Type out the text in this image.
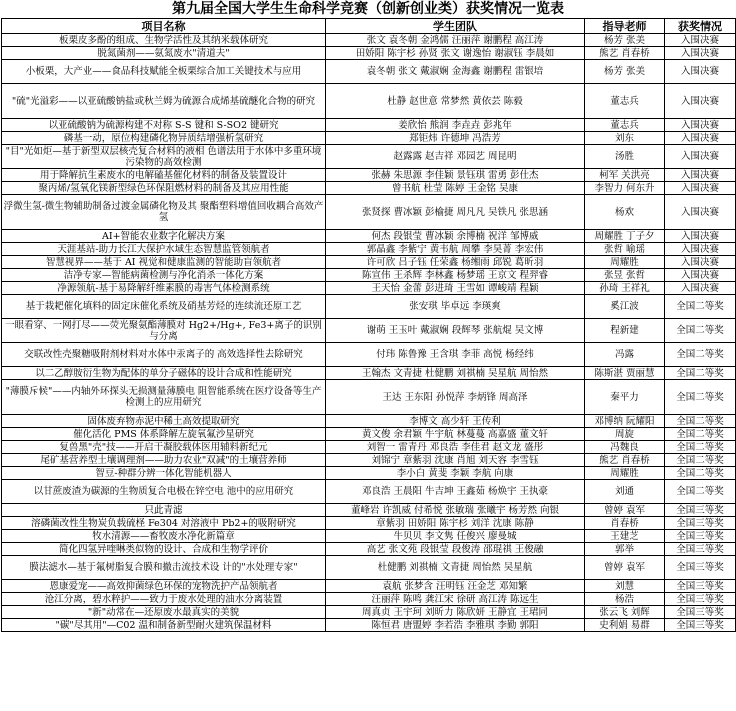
第九届全国大学生生命科学竞赛（创新创业类）获奖情况一览表
项目名称	学生团队	指导老师	获奖情况
板栗皮多酚的组成、生物学活性及其纳米载体研究	张文 袁冬朝 金鸿儒 汪丽萍 谢鹏程 高江涛	杨芳 张美	入围决赛
脱氮菌剂——氨氮废水"清道夫"	田娇阳 陈宇杉 孙贤 张文 谢逸怡 谢淑钰 李晨如	熊艺 肖春桥	入围决赛
小板栗，大产业——食品科技赋能全板栗综合加工关键技术与应用	袁冬朝 张文 戴淑娴 金海鑫 谢鹏程 雷银培	杨芳 张美	入围决赛
"硫"光溢彩——以亚硫酸钠盐或秋兰姆为硫源合成烯基硫醚化合物的研究	杜静 赵世意 常梦然 黄依芸 陈毅	董志兵	入围决赛
以亚硫酸钠为硫源构建不对称 S-S 键和 S-SO2 键研究	姜欣怡 熊润 李垚垚 彭兆年	董志兵	入围决赛
磷基一动，原位构建磷化物异质结增强析氢研究	郑钜炜 许德坤 冯浩芳	刘东	入围决赛
"目"光如炬—基于新型双层核壳复合材料的液相 色谱法用于水体中多重环境污染物的高效检测	赵露露 赵吉祥 邓园艺 周昆明	汤胜	入围决赛
用于降解抗生素废水的电解磕基催化材料的制备及装置设计	张赫 朱思源 李佳颖 景钰琪 雷勇 彭仕杰	柯军 关洪亮	入围决赛
聚丙烯/氢氧化镁新型绿色环保阻燃材料的制备及其应用性能	曾书航 杜莹 陈婷 王金铭 吴康	李智力 何东升	入围决赛
浮微生氢-微生物辅助制备过渡金属磷化物及其 聚酯塑料增值回收耦合高效产氢	张贤探 曹冰颖 彭榆捷 周凡凡 吴铁凡 张思涵	杨欢	入围决赛
AI+智能农业数字化解决方案	何杰 段银莹 曹冰颖 余博楠 祝洋 邹博威	周耀胜 丁子夕	入围决赛
天涯基站-助力长江大保护水域生态智慧监管领航者	郭晶鑫 李紫宁 黄韦航 周攀 李昊菁 李宏伟	张哲 喻瑶	入围决赛
智慧视界——基于 AI 视觉和健康监测的智能助盲领航者	许可欣 吕子钰 任荣鑫 杨缃雨 邱锐 葛昕羽	周耀胜	入围决赛
洁净专家—智能病菌检测与净化消杀一体化方案	陈宣伟 王杀辉 李林鑫 杨梦瑶 王京文 程羿睿	张昱 张哲	入围决赛
净源领航-基于易降解纤维素膜的毒害气体检测系统	王天怡 金蕾 彭进琦 王雪如 谭峻靖 程颖	孙琦 王祥礼	入围决赛
基于栽耙催化填料的固定床催化系统及硝基芳烃的连续流还原工艺	张安琪 毕卓远 李瑛爽	奚江波	全国二等奖
一眼看穿、一网打尽——荧光聚氨酯薄膜对 Hg2+/Hg+, Fe3+离子的识别与分离	谢萌 王玉叶 戴淑娴 段辉琴 张航焜 吴文博	程新建	全国二等奖
交联改性壳聚糖吸附剂材料对水体中汞离子的 高效选择性去除研究	付玮 陈鲁豫 王含琪 李菲 高悦 杨经纬	冯露	全国二等奖
以二乙醇胺衍生物为配体的单分子磁体的设计合成和性能研究	王翰杰 文青捷 杜健鹏 刘祺楠 吴星航 周怡然	陈斯湛 贾丽慧	全国二等奖
"薄膜斥候"——内轴外环探头无损测量薄膜电 阻智能系统在医疗设备等生产检测上的应用研究	王达 王东阳 孙悦萍 李炳锋 周高泽	秦平力	全国二等奖
固体废弃物赤泥中稀土高效提取研究	李博文 高少轩 王传利	邓博纳 阮耀阳	全国二等奖
催化活化 PMS 体系降解左旋氧氟沙星研究	黄文俊 余君颖 牛宇航 林蔓蔓 高嘉盛 董文轩	周旋	全国二等奖
复兽黑"壳"技——开启干凝胶载体医用辅料新纪元	刘智一 雷青丹 邓良浩 李佳君 赵文龙 盛彤	冯魏良	全国二等奖
尾矿基营养型土壤调理剂——助力农业"双减"的土壤营养师	刘锦宁 章紫羽 沈康 肖旭 刘天容 李雪钰	熊艺 肖春桥	全国二等奖
智豆-种群分辨一体化智能机器人	李小白 黄斐 李颖 李航 向康	周耀胜	全国二等奖
以甘蔗废渣为碳源的生物质复合电极在锌空电 池中的应用研究	邓良浩 王晨阳 牛吉坤 王鑫茹 杨焕宇 王执豪	刘通	全国二等奖
只此青滤	董峰岩 许凯威 付希悦 张敏瑞 张曦宇 杨芳然 向银	曾婷 袁军	全国三等奖
溶磷菌改性生物炭负载硫柽 Fe304 对溶液中 Pb2+的吸附研究	章紫羽 田娇阳 陈宇杉 刘洋 沈康 陈静	肖春桥	全国三等奖
牧水清源——畜牧废水净化新篇章	牛贝贝 李文隽 任俊兴 廖曼城	王建芝	全国三等奖
简化四氢异喹啉类似物的设计、合成和生物学评价	高艺 张文苑 段银莹 段俊涛 邵琨祺 王俊融	郭举	全国三等奖
膜法滤水—基于氟树脂复合膜和撤击流技术设 计的"水处理专家"	杜健鹏 刘祺楠 文青捷 周怡然 吴星航	曾婷 袁军	全国三等奖
恩康爱宠——高效抑菌绿色环保的宠物洗护产品领航者	袁航 张梦含 汪明钰 汪金芝 邓知繁	刘慧	全国三等奖
沧江分离，碧水粹护——致力于废水处理的油水分离装置	汪丽萍 陈鸣 龚江宋 徐研 高江涛 陈远生	杨浩	全国三等奖
"新"动常在—还原废水最真实的美貌	周真贞 王宇珂 刘昕力 陈欣妍 王静宜 王珺同	张云飞 刘辉	全国三等奖
"碳"尽其用"—C02 温和制备新型耐火建筑保温材料	陈恒君 唐盟婷 李若浩 李雅琪 李勤 郭阳	史利娟 易群	全国三等奖
